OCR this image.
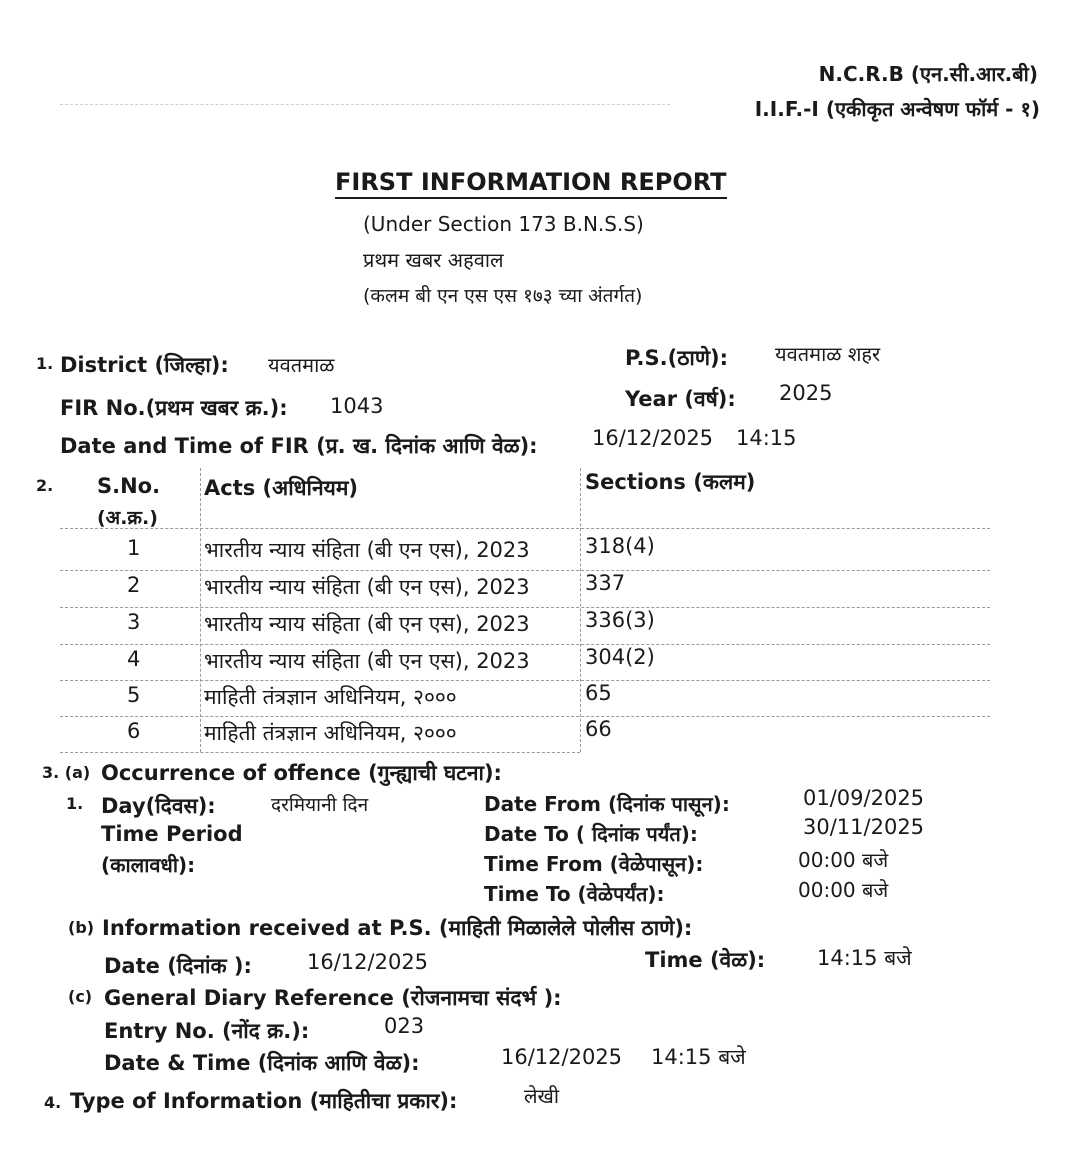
N.C.R.B (एन.सी.आर.बी)
I.I.F.-I (एकीकृत अन्वेषण फॉर्म - १)
FIRST INFORMATION REPORT
(Under Section 173 B.N.S.S)
प्रथम खबर अहवाल
(कलम बी एन एस एस १७३ च्या अंतर्गत)
1. District (जिल्हा): यवतमाळ	P.S.(ठाणे): यवतमाळ शहर
FIR No.(प्रथम खबर क्र.): 1043	Year (वर्ष): 2025
Date and Time of FIR (प्र. ख. दिनांक आणि वेळ):	16/12/2025 14:15
2. S.No.
(अ.क्र.)
Acts (अधिनियम)	Sections (कलम)
1	भारतीय न्याय संहिता (बी एन एस), 2023	318(4)
2	भारतीय न्याय संहिता (बी एन एस), 2023	337
3	भारतीय न्याय संहिता (बी एन एस), 2023	336(3)
4	भारतीय न्याय संहिता (बी एन एस), 2023	304(2)
5	माहिती तंत्रज्ञान अधिनियम, २०००	65
6	माहिती तंत्रज्ञान अधिनियम, २०००	66
3. (a) Occurrence of offence (गुन्ह्याची घटना):
1. Day(दिवस):	दरमियानी दिन
Time Period
(कालावधी):
Date From (दिनांक पासून):	01/09/2025
Date To ( दिनांक पर्यंत):	30/11/2025
Time From (वेळेपासून):	00:00 बजे
Time To (वेळेपर्यंत):	00:00 बजे
(b) Information received at P.S. (माहिती मिळालेले पोलीस ठाणे):
Date (दिनांक ):	16/12/2025	Time (वेळ): 14:15 बजे
(c) General Diary Reference (रोजनामचा संदर्भ ):
Entry No. (नोंद क्र.):	023
Date & Time (दिनांक आणि वेळ):	16/12/2025 14:15 बजे
4. Type of Information (माहितीचा प्रकार):	लेखी
